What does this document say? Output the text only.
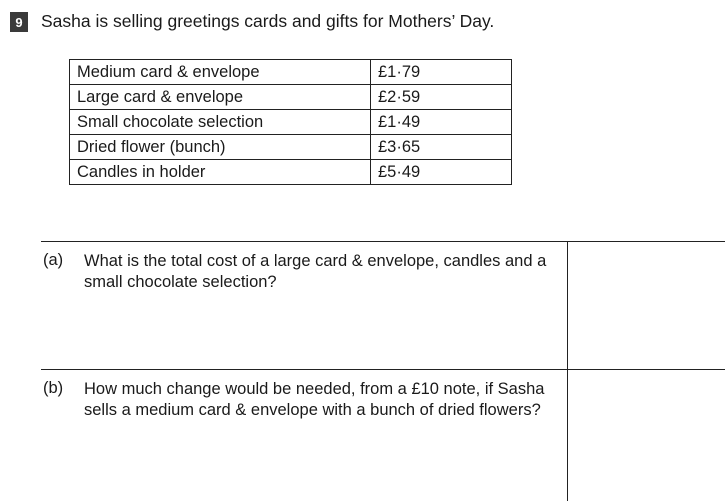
9	Sasha is selling greetings cards and gifts for Mothers’ Day.
Medium card & envelope	£1·79
Large card & envelope	£2·59
Small chocolate selection	£1·49
Dried flower (bunch)	£3·65
Candles in holder	£5·49
(a) What is the total cost of a large card & envelope, candles and a small chocolate selection?
(b) How much change would be needed, from a £10 note, if Sasha sells a medium card & envelope with a bunch of dried flowers?
